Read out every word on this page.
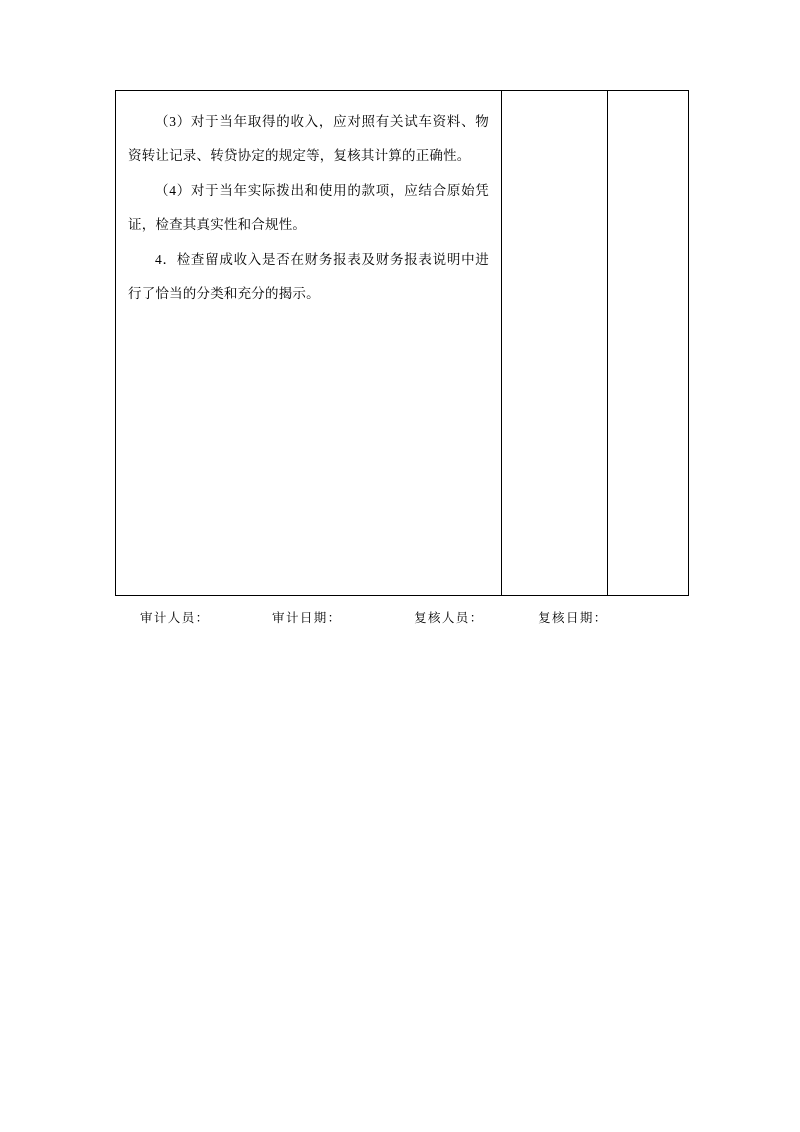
（3）对于当年取得的收入，应对照有关试车资料、物资转让记录、转贷协定的规定等，复核其计算的正确性。

（4）对于当年实际拨出和使用的款项，应结合原始凭证，检查其真实性和合规性。

4．检查留成收入是否在财务报表及财务报表说明中进行了恰当的分类和充分的揭示。

审计人员：	审计日期：	复核人员：	复核日期：
